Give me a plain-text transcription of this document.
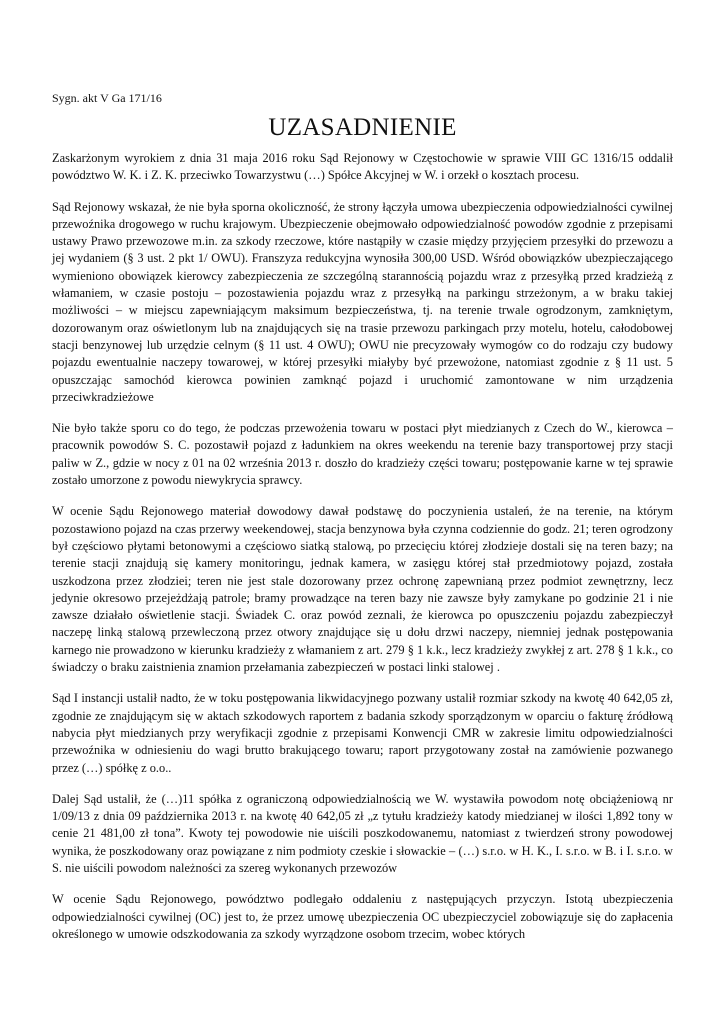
Sygn. akt V Ga 171/16
UZASADNIENIE

Zaskarżonym wyrokiem z dnia 31 maja 2016 roku Sąd Rejonowy w Częstochowie w sprawie VIII GC 1316/15 oddalił powództwo W. K. i Z. K. przeciwko Towarzystwu (…) Spółce Akcyjnej w W. i orzekł o kosztach procesu.

Sąd Rejonowy wskazał, że nie była sporna okoliczność, że strony łączyła umowa ubezpieczenia odpowiedzialności cywilnej przewoźnika drogowego w ruchu krajowym. Ubezpieczenie obejmowało odpowiedzialność powodów zgodnie z przepisami ustawy Prawo przewozowe m.in. za szkody rzeczowe, które nastąpiły w czasie między przyjęciem przesyłki do przewozu a jej wydaniem (§ 3 ust. 2 pkt 1/ OWU). Franszyza redukcyjna wynosiła 300,00 USD. Wśród obowiązków ubezpieczającego wymieniono obowiązek kierowcy zabezpieczenia ze szczególną starannością pojazdu wraz z przesyłką przed kradzieżą z włamaniem, w czasie postoju – pozostawienia pojazdu wraz z przesyłką na parkingu strzeżonym, a w braku takiej możliwości – w miejscu zapewniającym maksimum bezpieczeństwa, tj. na terenie trwale ogrodzonym, zamkniętym, dozorowanym oraz oświetlonym lub na znajdujących się na trasie przewozu parkingach przy motelu, hotelu, całodobowej stacji benzynowej lub urzędzie celnym (§ 11 ust. 4 OWU); OWU nie precyzowały wymogów co do rodzaju czy budowy pojazdu ewentualnie naczepy towarowej, w której przesyłki miałyby być przewożone, natomiast zgodnie z § 11 ust. 5 opuszczając samochód kierowca powinien zamknąć pojazd i uruchomić zamontowane w nim urządzenia przeciwkradzieżowe

Nie było także sporu co do tego, że podczas przewożenia towaru w postaci płyt miedzianych z Czech do W., kierowca – pracownik powodów S. C. pozostawił pojazd z ładunkiem na okres weekendu na terenie bazy transportowej przy stacji paliw w Z., gdzie w nocy z 01 na 02 września 2013 r. doszło do kradzieży części towaru; postępowanie karne w tej sprawie zostało umorzone z powodu niewykrycia sprawcy.

W ocenie Sądu Rejonowego materiał dowodowy dawał podstawę do poczynienia ustaleń, że na terenie, na którym pozostawiono pojazd na czas przerwy weekendowej, stacja benzynowa była czynna codziennie do godz. 21; teren ogrodzony był częściowo płytami betonowymi a częściowo siatką stalową, po przecięciu której złodzieje dostali się na teren bazy; na terenie stacji znajdują się kamery monitoringu, jednak kamera, w zasięgu której stał przedmiotowy pojazd, została uszkodzona przez złodziei; teren nie jest stale dozorowany przez ochronę zapewnianą przez podmiot zewnętrzny, lecz jedynie okresowo przejeżdżają patrole; bramy prowadzące na teren bazy nie zawsze były zamykane po godzinie 21 i nie zawsze działało oświetlenie stacji. Świadek C. oraz powód zeznali, że kierowca po opuszczeniu pojazdu zabezpieczył naczepę linką stalową przewleczoną przez otwory znajdujące się u dołu drzwi naczepy, niemniej jednak postępowania karnego nie prowadzono w kierunku kradzieży z włamaniem z art. 279 § 1 k.k., lecz kradzieży zwykłej z art. 278 § 1 k.k., co świadczy o braku zaistnienia znamion przełamania zabezpieczeń w postaci linki stalowej .

Sąd I instancji ustalił nadto, że w toku postępowania likwidacyjnego pozwany ustalił rozmiar szkody na kwotę 40 642,05 zł, zgodnie ze znajdującym się w aktach szkodowych raportem z badania szkody sporządzonym w oparciu o fakturę źródłową nabycia płyt miedzianych przy weryfikacji zgodnie z przepisami Konwencji CMR w zakresie limitu odpowiedzialności przewoźnika w odniesieniu do wagi brutto brakującego towaru; raport przygotowany został na zamówienie pozwanego przez (…) spółkę z o.o..

Dalej Sąd ustalił, że (…)11 spółka z ograniczoną odpowiedzialnością we W. wystawiła powodom notę obciążeniową nr 1/09/13 z dnia 09 października 2013 r. na kwotę 40 642,05 zł „z tytułu kradzieży katody miedzianej w ilości 1,892 tony w cenie 21 481,00 zł tona”. Kwoty tej powodowie nie uiścili poszkodowanemu, natomiast z twierdzeń strony powodowej wynika, że poszkodowany oraz powiązane z nim podmioty czeskie i słowackie – (…) s.r.o. w H. K., I. s.r.o. w B. i I. s.r.o. w S. nie uiścili powodom należności za szereg wykonanych przewozów

W ocenie Sądu Rejonowego, powództwo podlegało oddaleniu z następujących przyczyn. Istotą ubezpieczenia odpowiedzialności cywilnej (OC) jest to, że przez umowę ubezpieczenia OC ubezpieczyciel zobowiązuje się do zapłacenia określonego w umowie odszkodowania za szkody wyrządzone osobom trzecim, wobec których
